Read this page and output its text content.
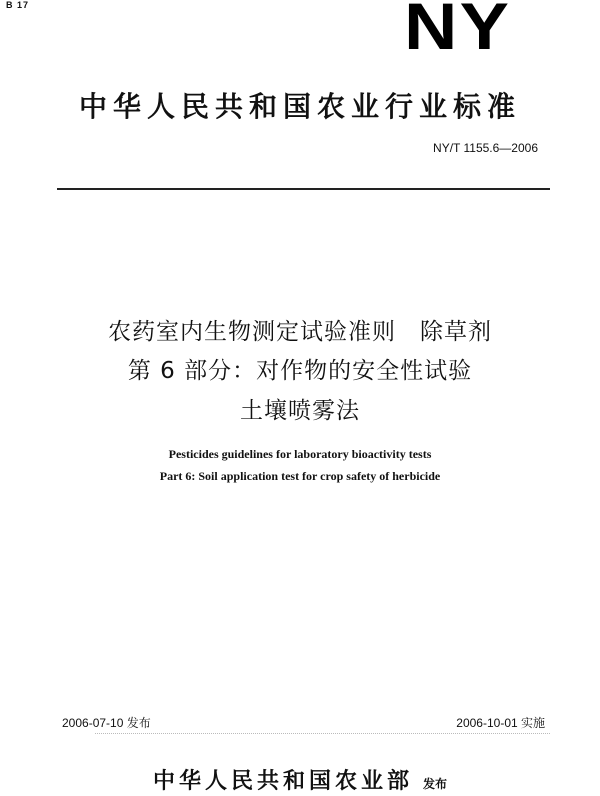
B 17	NY
中华人民共和国农业行业标准
NY/T 1155.6—2006
农药室内生物测定试验准则　除草剂
第 6 部分：对作物的安全性试验
土壤喷雾法
Pesticides guidelines for laboratory bioactivity tests
Part 6: Soil application test for crop safety of herbicide
2006-07-10 发布	2006-10-01 实施
中华人民共和国农业部 发布
